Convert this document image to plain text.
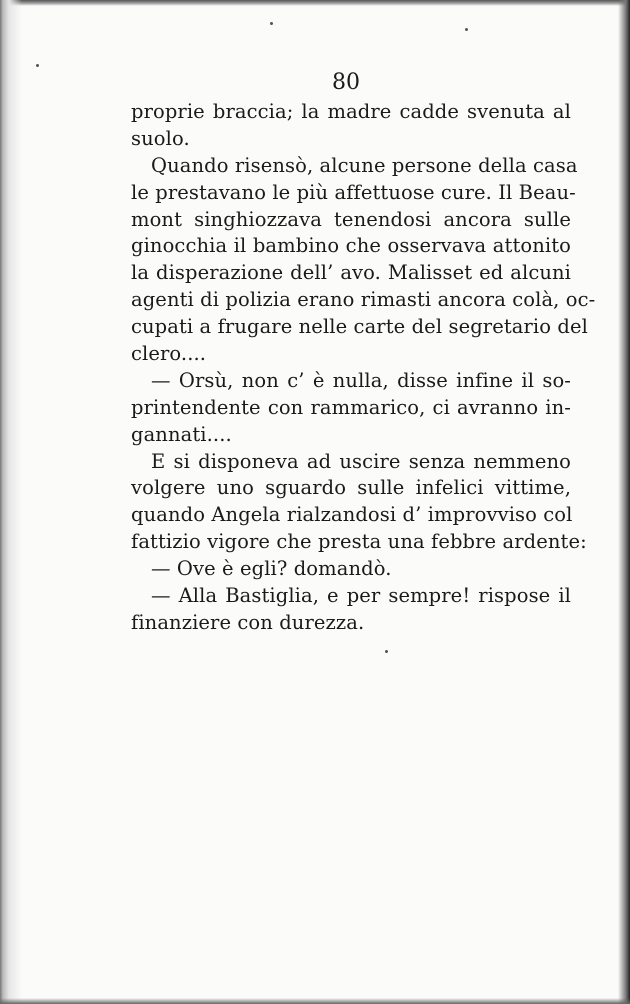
80
proprie braccia; la madre cadde svenuta al
suolo.
Quando risensò, alcune persone della casa
le prestavano le più affettuose cure. Il Beau-
mont singhiozzava tenendosi ancora sulle
ginocchia il bambino che osservava attonito
la disperazione dell’ avo. Malisset ed alcuni
agenti di polizia erano rimasti ancora colà, oc-
cupati a frugare nelle carte del segretario del
clero....
— Orsù, non c’ è nulla, disse infine il so-
printendente con rammarico, ci avranno in-
gannati....
E si disponeva ad uscire senza nemmeno
volgere uno sguardo sulle infelici vittime,
quando Angela rialzandosi d’ improvviso col
fattizio vigore che presta una febbre ardente:
— Ove è egli? domandò.
— Alla Bastiglia, e per sempre! rispose il
finanziere con durezza.
